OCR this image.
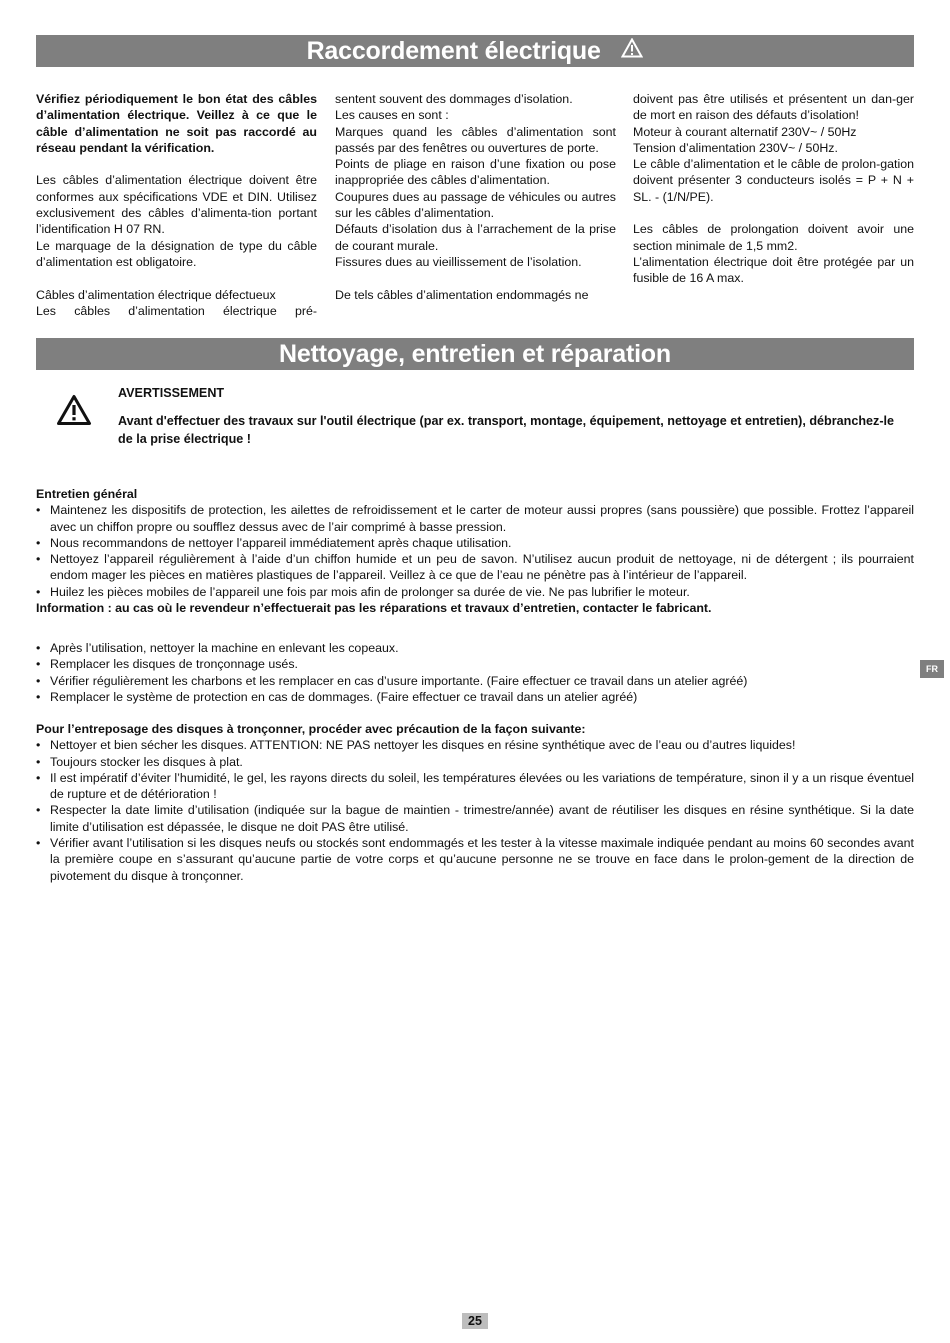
Raccordement électrique

Vérifiez périodiquement le bon état des câbles d’alimentation électrique. Veillez à ce que le câble d’alimentation ne soit pas raccordé au réseau pendant la vérification.

Les câbles d’alimentation électrique doivent être conformes aux spécifications VDE et DIN. Utilisez exclusivement des câbles d’alimenta-tion portant l’identification H 07 RN.

Le marquage de la désignation de type du câble d’alimentation est obligatoire.

Câbles d’alimentation électrique défectueux

Les câbles d’alimentation électrique pré-

sentent souvent des dommages d’isolation.

Les causes en sont :

Marques quand les câbles d’alimentation sont passés par des fenêtres ou ouvertures de porte.

Points de pliage en raison d’une fixation ou pose inappropriée des câbles d’alimentation.

Coupures dues au passage de véhicules ou autres sur les câbles d’alimentation.

Défauts d’isolation dus à l’arrachement de la prise de courant murale.

Fissures dues au vieillissement de l’isolation.

De tels câbles d’alimentation endommagés ne

doivent pas être utilisés et présentent un dan-ger de mort en raison des défauts d’isolation!

Moteur à courant alternatif 230V~ / 50Hz

Tension d’alimentation 230V~ / 50Hz.

Le câble d’alimentation et le câble de prolon-gation doivent présenter 3 conducteurs isolés = P + N + SL. - (1/N/PE).

Les câbles de prolongation doivent avoir une section minimale de 1,5 mm2.

L’alimentation électrique doit être protégée par un fusible de 16 A max.

Nettoyage, entretien et réparation
AVERTISSEMENT
Avant d'effectuer des travaux sur l'outil électrique (par ex. transport, montage, équipement, nettoyage et entretien), débranchez-le de la prise électrique !

Entretien général

• Maintenez les dispositifs de protection, les ailettes de refroidissement et le carter de moteur aussi propres (sans poussière) que possible. Frottez l’appareil avec un chiffon propre ou soufflez dessus avec de l’air comprimé à basse pression.
• Nous recommandons de nettoyer l’appareil immédiatement après chaque utilisation.
• Nettoyez l’appareil régulièrement à l’aide d’un chiffon humide et un peu de savon. N’utilisez aucun produit de nettoyage, ni de détergent ; ils pourraient endom mager les pièces en matières plastiques de l’appareil. Veillez à ce que de l’eau ne pénètre pas à l’intérieur de l’appareil.
• Huilez les pièces mobiles de l’appareil une fois par mois afin de prolonger sa durée de vie. Ne pas lubrifier le moteur.

Information : au cas où le revendeur n’effectuerait pas les réparations et travaux d’entretien, contacter le fabricant.

• Après l’utilisation, nettoyer la machine en enlevant les copeaux.
• Remplacer les disques de tronçonnage usés.
• Vérifier régulièrement les charbons et les remplacer en cas d’usure importante. (Faire effectuer ce travail dans un atelier agréé)
• Remplacer le système de protection en cas de dommages. (Faire effectuer ce travail dans un atelier agréé)

Pour l’entreposage des disques à tronçonner, procéder avec précaution de la façon suivante:

• Nettoyer et bien sécher les disques. ATTENTION: NE PAS nettoyer les disques en résine synthétique avec de l’eau ou d’autres liquides!
• Toujours stocker les disques à plat.
• Il est impératif d’éviter l’humidité, le gel, les rayons directs du soleil, les températures élevées ou les variations de température, sinon il y a un risque éventuel de rupture et de détérioration !
• Respecter la date limite d’utilisation (indiquée sur la bague de maintien - trimestre/année) avant de réutiliser les disques en résine synthétique. Si la date limite d’utilisation est dépassée, le disque ne doit PAS être utilisé.
• Vérifier avant l’utilisation si les disques neufs ou stockés sont endommagés et les tester à la vitesse maximale indiquée pendant au moins 60 secondes avant la première coupe en s’assurant qu’aucune partie de votre corps et qu’aucune personne ne se trouve en face dans le prolon-gement de la direction de pivotement du disque à tronçonner.
FR
25
